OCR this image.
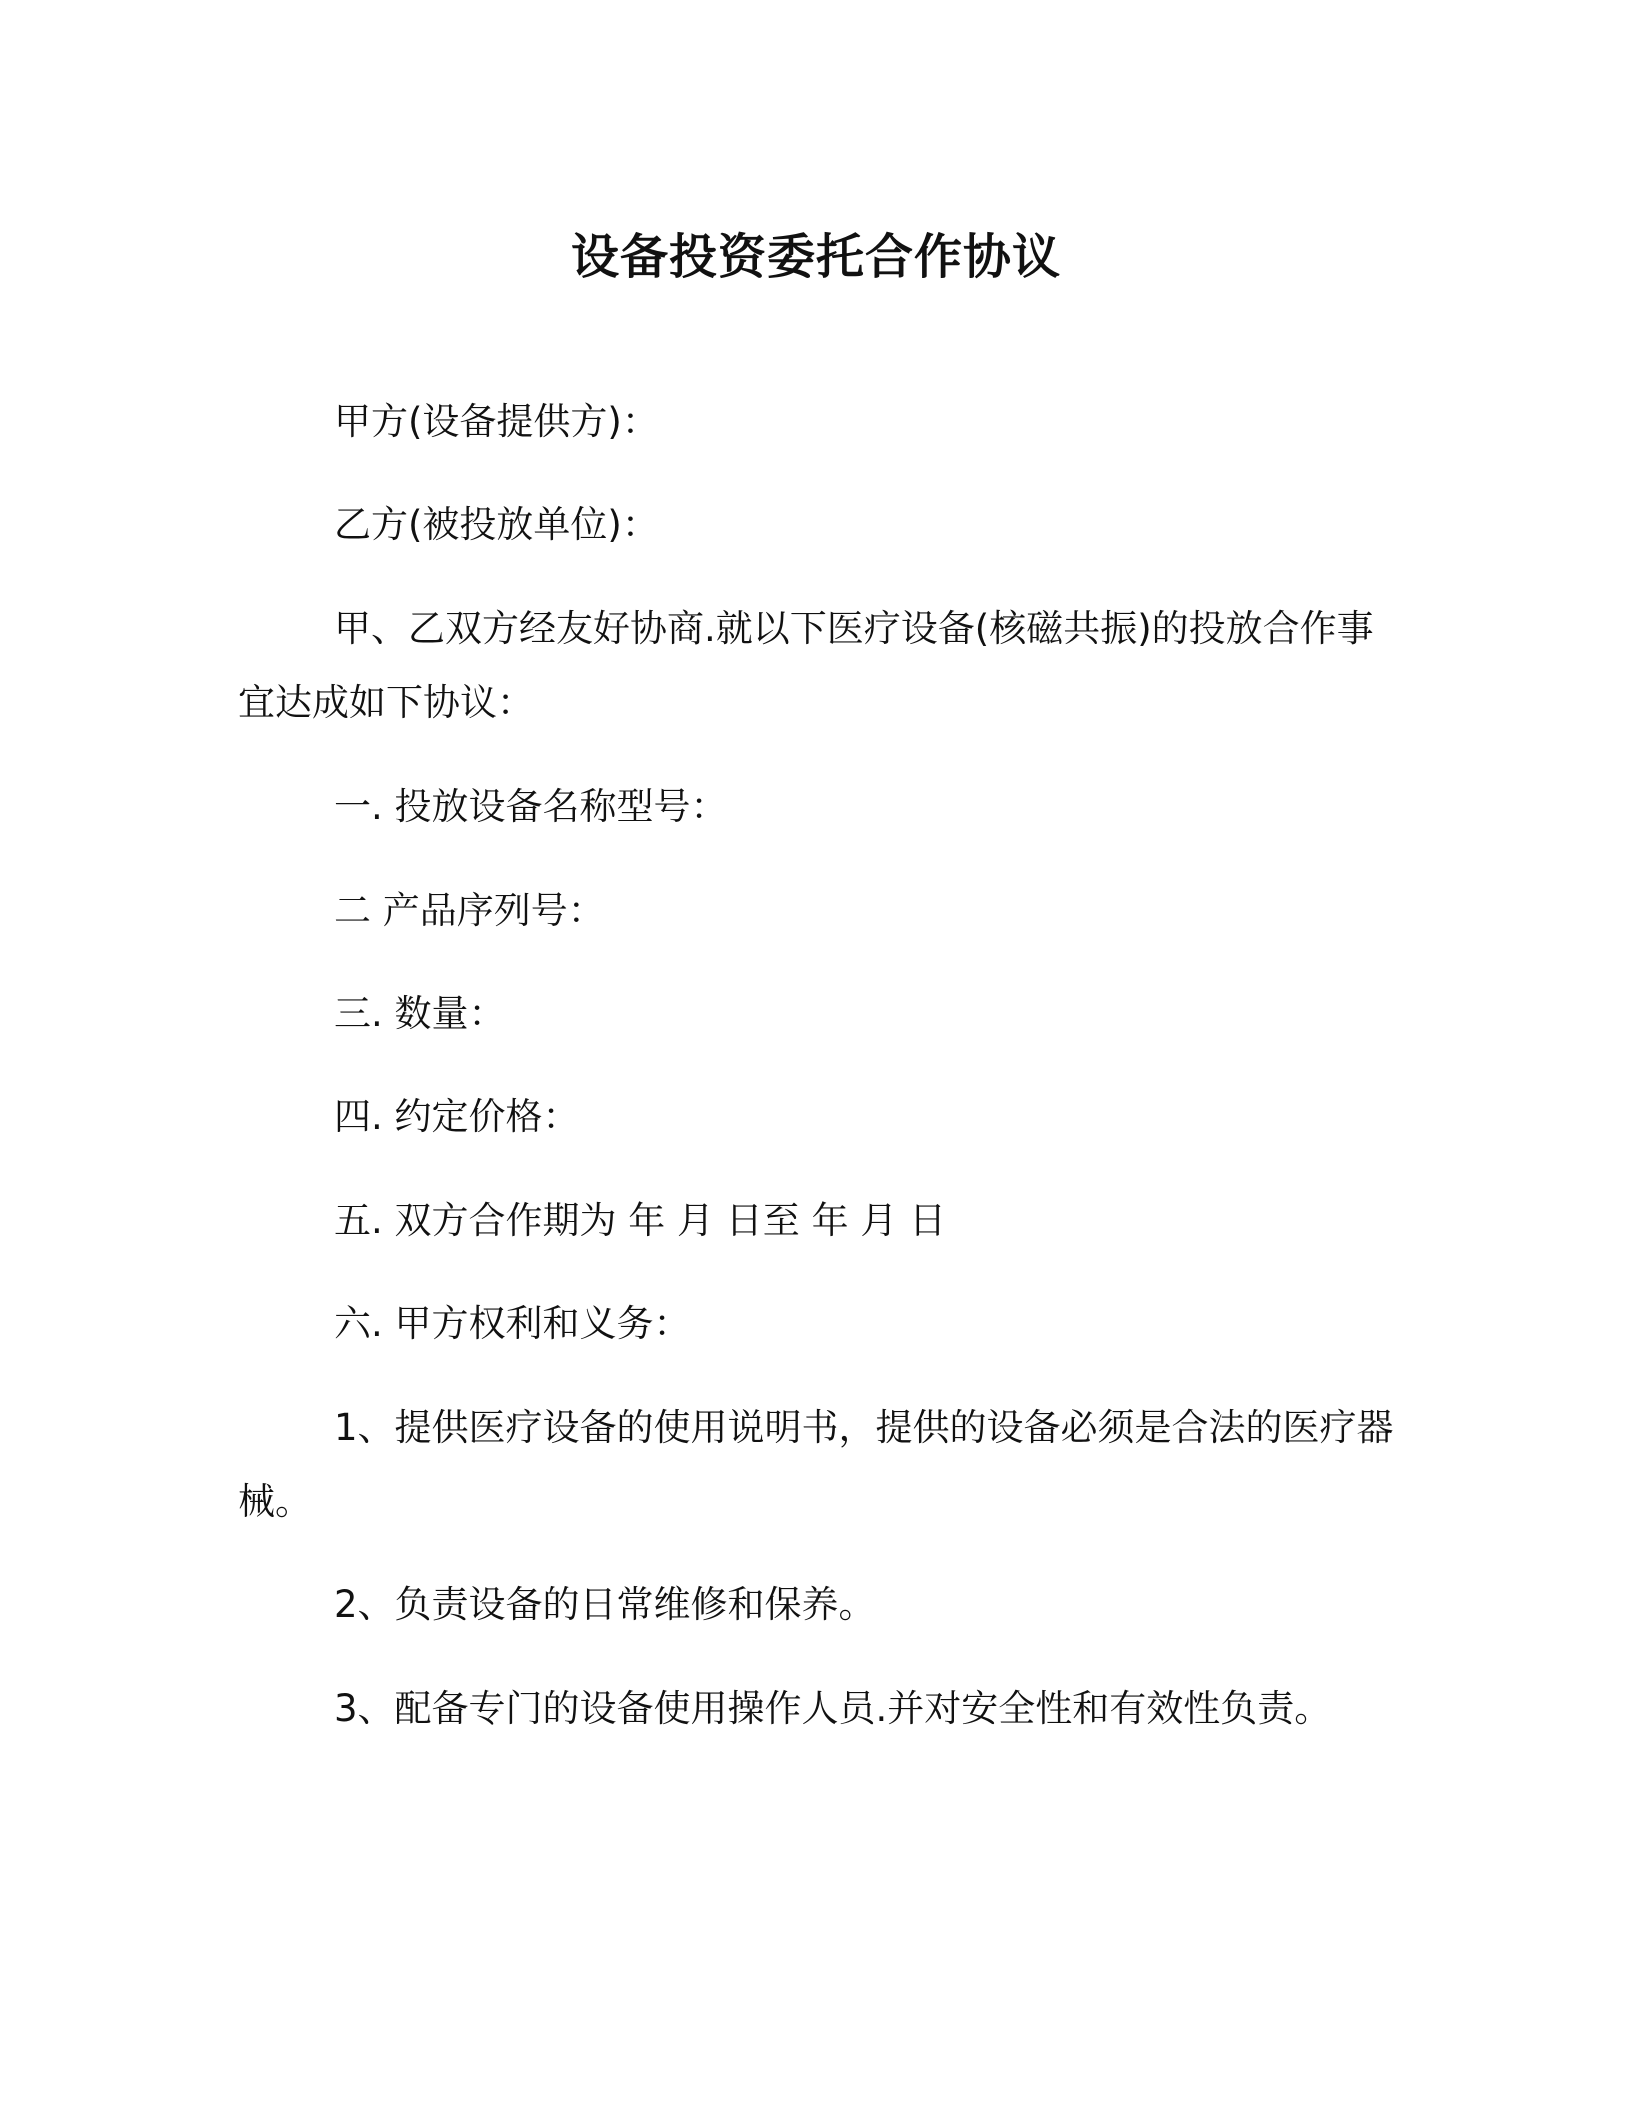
设备投资委托合作协议

甲方(设备提供方)：

乙方(被投放单位)：

甲、乙双方经友好协商.就以下医疗设备(核磁共振)的投放合作事宜达成如下协议：

一. 投放设备名称型号：

二 产品序列号：

三. 数量：

四. 约定价格：

五. 双方合作期为 年 月 日至 年 月 日

六. 甲方权利和义务：

1、提供医疗设备的使用说明书，提供的设备必须是合法的医疗器械。

2、负责设备的日常维修和保养。

3、配备专门的设备使用操作人员.并对安全性和有效性负责。
